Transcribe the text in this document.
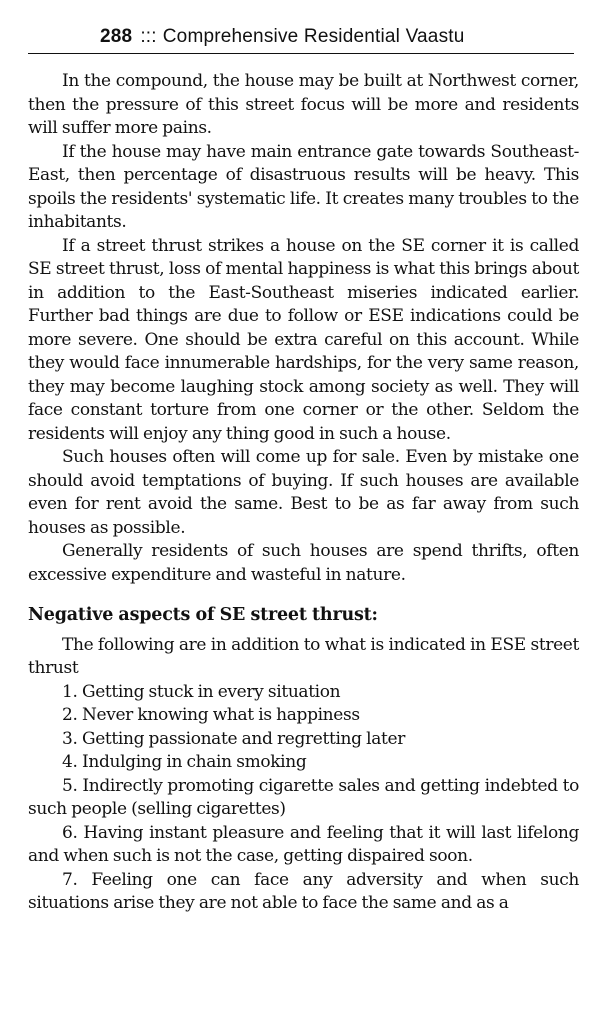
288 ::: Comprehensive Residential Vaastu

In the compound, the house may be built at Northwest corner, then the pressure of this street focus will be more and residents will suffer more pains.

If the house may have main entrance gate towards Southeast-East, then percentage of disastruous results will be heavy. This spoils the residents' systematic life. It creates many troubles to the inhabitants.

If a street thrust strikes a house on the SE corner it is called SE street thrust, loss of mental happiness is what this brings about in addition to the East-Southeast miseries indicated earlier. Further bad things are due to follow or ESE indications could be more severe. One should be extra careful on this account. While they would face innumerable hardships, for the very same reason, they may become laughing stock among society as well. They will face constant torture from one corner or the other. Seldom the residents will enjoy any thing good in such a house.

Such houses often will come up for sale. Even by mistake one should avoid temptations of buying. If such houses are available even for rent avoid the same. Best to be as far away from such houses as possible.

Generally residents of such houses are spend thrifts, often excessive expenditure and wasteful in nature.

Negative aspects of SE street thrust:

The following are in addition to what is indicated in ESE street thrust

1. Getting stuck in every situation

2. Never knowing what is happiness

3. Getting passionate and regretting later

4. Indulging in chain smoking

5. Indirectly promoting cigarette sales and getting indebted to such people (selling cigarettes)

6. Having instant pleasure and feeling that it will last lifelong and when such is not the case, getting dispaired soon.

7. Feeling one can face any adversity and when such situations arise they are not able to face the same and as a
